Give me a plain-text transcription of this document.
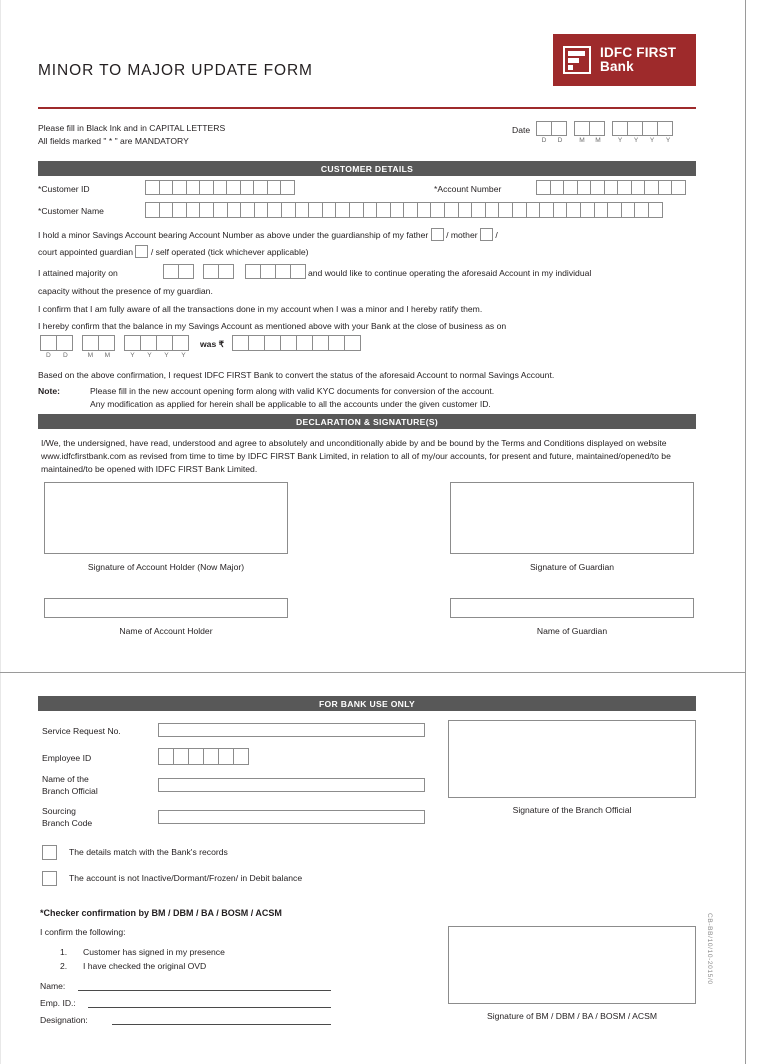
MINOR TO MAJOR UPDATE FORM
IDFC FIRST
Bank
Please fill in Black Ink and in CAPITAL LETTERS
All fields marked " * " are MANDATORY
Date
D	D	M	M	Y	Y	Y	Y
CUSTOMER DETAILS
*Customer ID	*Account Number
*Customer Name
I hold a minor Savings Account bearing Account Number as above under the guardianship of my father / mother /
court appointed guardian / self operated (tick whichever applicable)
I attained majority on	and would like to continue operating the aforesaid Account in my individual
capacity without the presence of my guardian.
I confirm that I am fully aware of all the transactions done in my account when I was a minor and I hereby ratify them.
I hereby confirm that the balance in my Savings Account as mentioned above with your Bank at the close of business as on
D	D	M	M	Y	Y	Y	Y
was ₹
Based on the above confirmation, I request IDFC FIRST Bank to convert the status of the aforesaid Account to normal Savings Account.
Note:	Please fill in the new account opening form along with valid KYC documents for conversion of the account.
Any modification as applied for herein shall be applicable to all the accounts under the given customer ID.
DECLARATION & SIGNATURE(S)
I/We, the undersigned, have read, understood and agree to absolutely and unconditionally abide by and be bound by the Terms and Conditions displayed on website www.idfcfirstbank.com as revised from time to time by IDFC FIRST Bank Limited, in relation to all of my/our accounts, for present and future, maintained/opened/to be maintained/to be opened with IDFC FIRST Bank Limited.
Signature of Account Holder (Now Major)	Signature of Guardian
Name of Account Holder	Name of Guardian
FOR BANK USE ONLY
Service Request No.
Employee ID
Name of the
Branch Official
Sourcing
Branch Code
Signature of the Branch Official
The details match with the Bank's records
The account is not Inactive/Dormant/Frozen/ in Debit balance
*Checker confirmation by BM / DBM / BA / BOSM / ACSM
I confirm the following:
1. Customer has signed in my presence
2. I have checked the original OVD
Name:
Emp. ID.:
Designation:	Signature of BM / DBM / BA / BOSM / ACSM
CB-BB/10/10-2015/0
